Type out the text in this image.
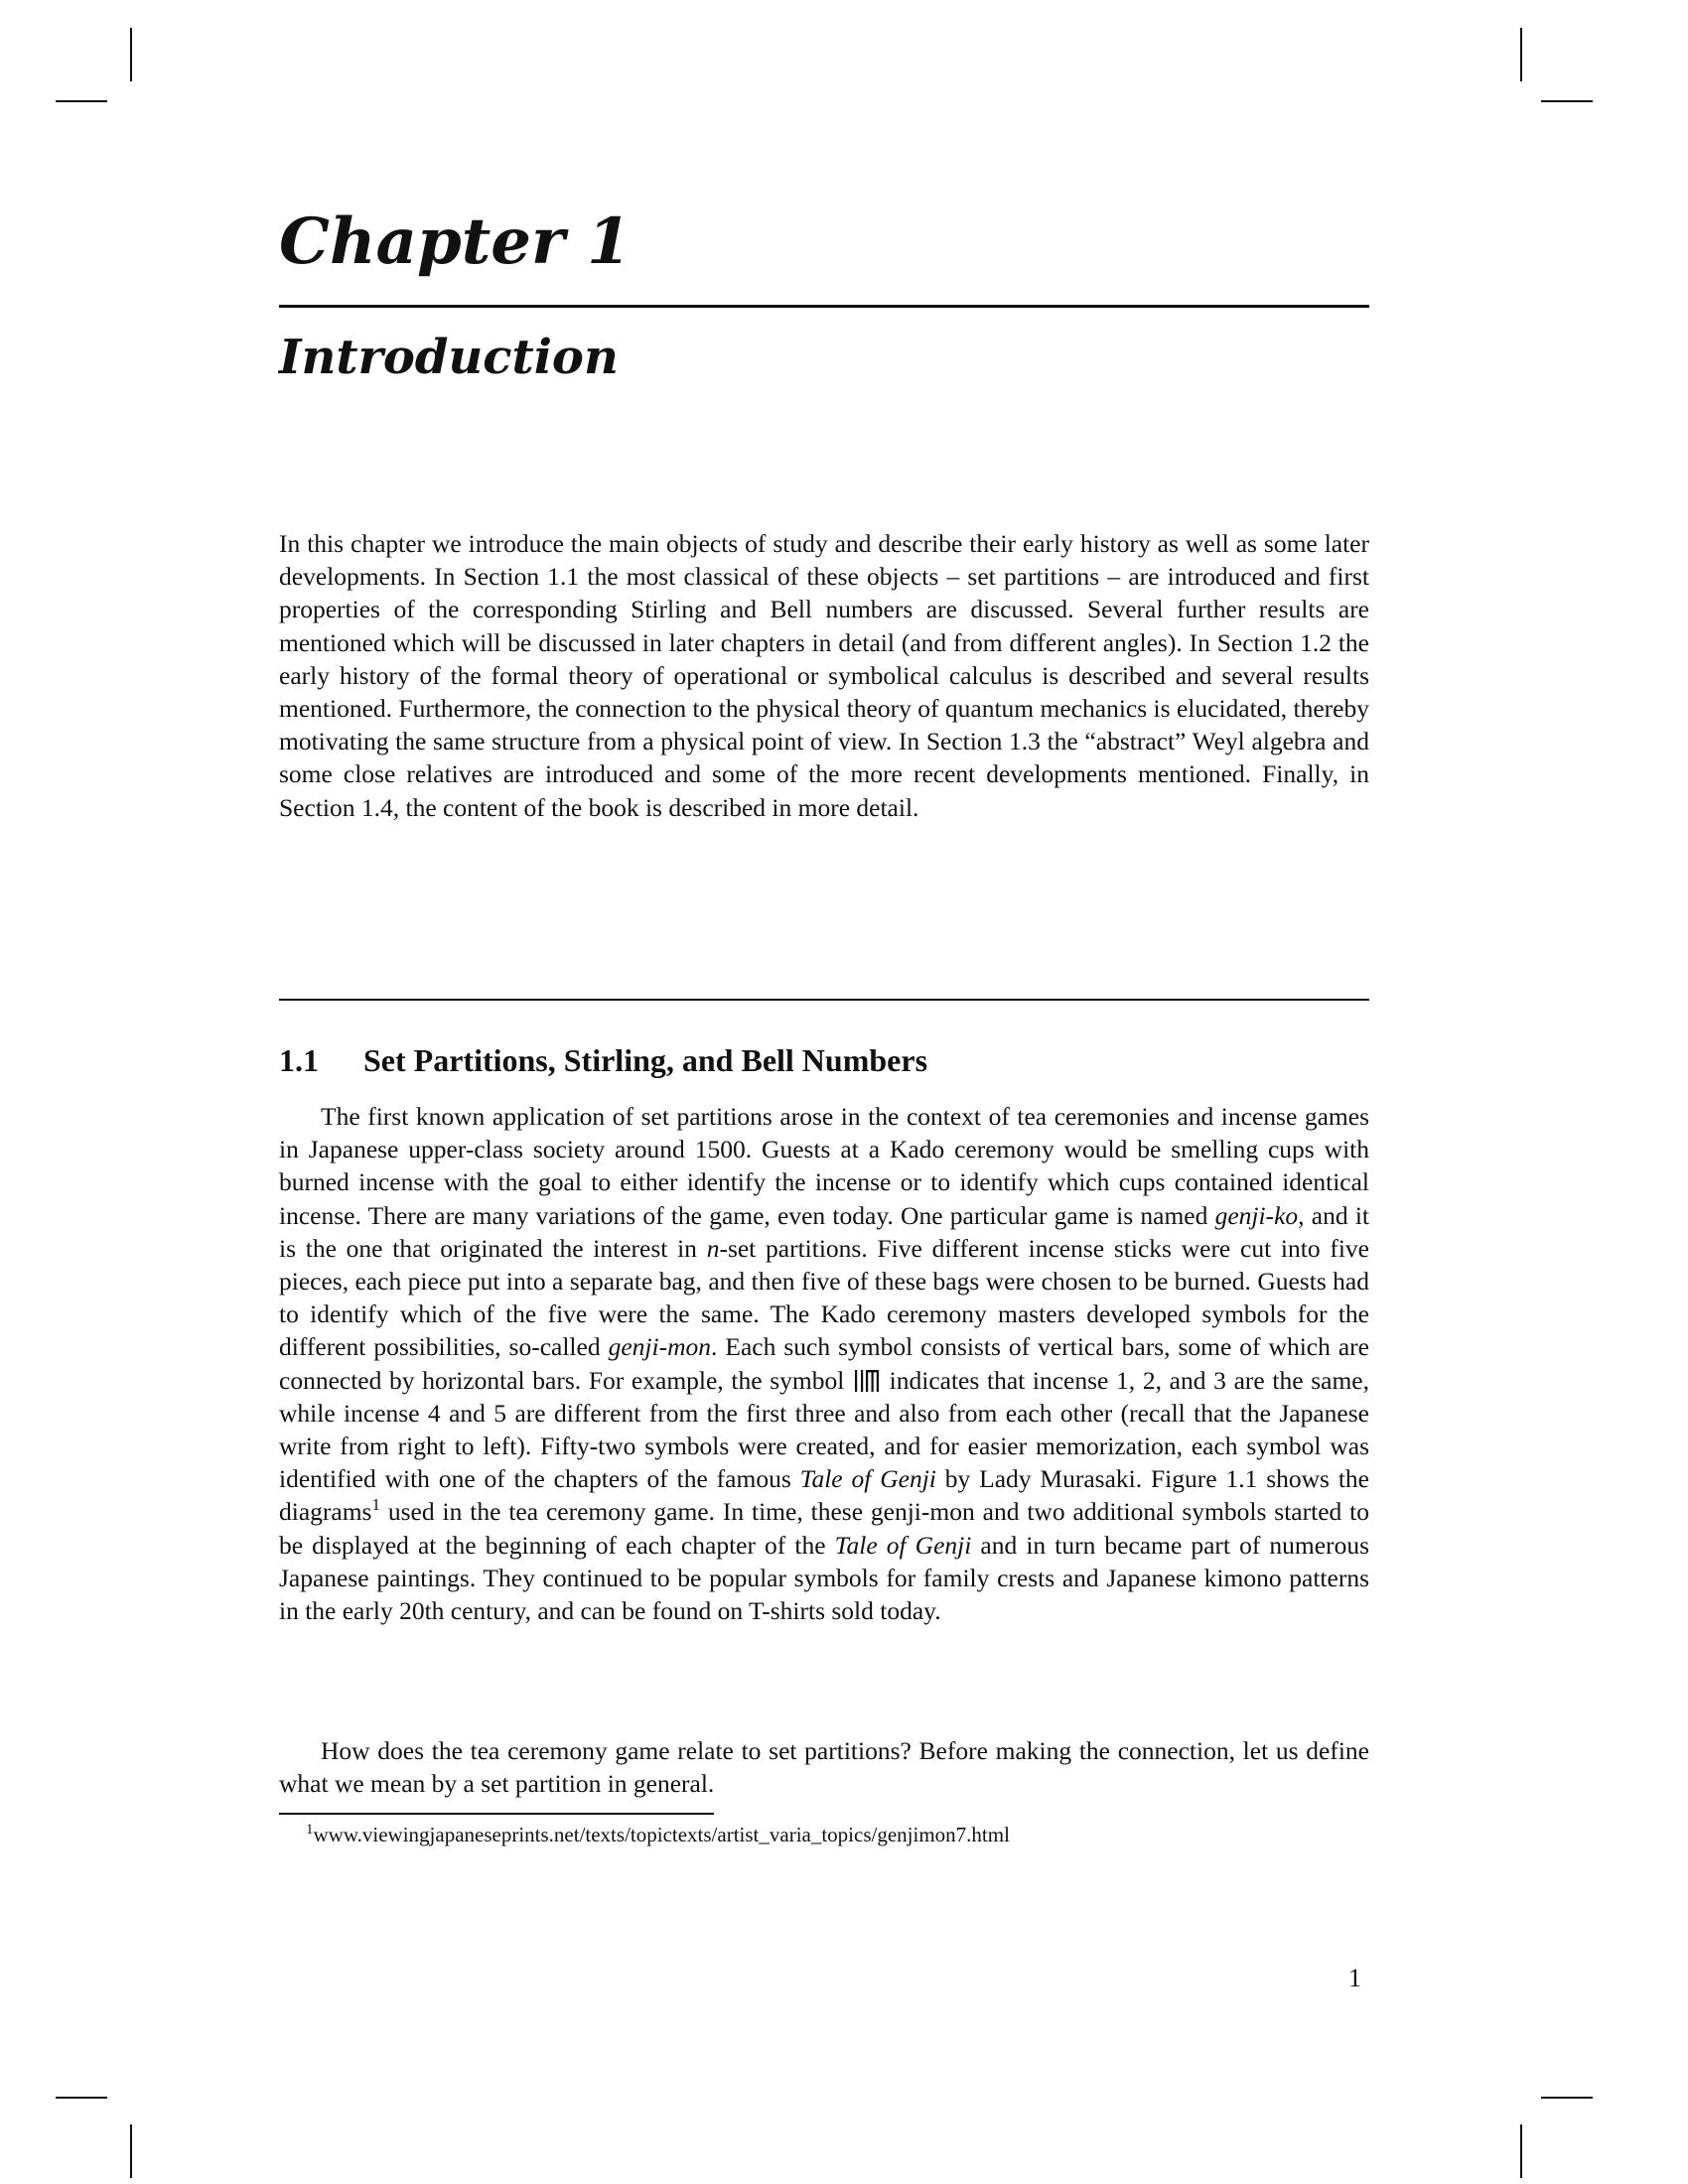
Chapter 1
Introduction
In this chapter we introduce the main objects of study and describe their early history as well as some later developments. In Section 1.1 the most classical of these objects – set partitions – are introduced and first properties of the corresponding Stirling and Bell numbers are discussed. Several further results are mentioned which will be discussed in later chapters in detail (and from different angles). In Section 1.2 the early history of the formal theory of operational or symbolical calculus is described and several results mentioned. Furthermore, the connection to the physical theory of quantum mechanics is elucidated, thereby motivating the same structure from a physical point of view. In Section 1.3 the “abstract” Weyl algebra and some close relatives are introduced and some of the more recent developments mentioned. Finally, in Section 1.4, the content of the book is described in more detail.
1.1 Set Partitions, Stirling, and Bell Numbers
The first known application of set partitions arose in the context of tea ceremonies and incense games in Japanese upper-class society around 1500. Guests at a Kado ceremony would be smelling cups with burned incense with the goal to either identify the incense or to identify which cups contained identical incense. There are many variations of the game, even today. One particular game is named genji-ko, and it is the one that originated the interest in n-set partitions. Five different incense sticks were cut into five pieces, each piece put into a separate bag, and then five of these bags were chosen to be burned. Guests had to identify which of the five were the same. The Kado ceremony masters developed symbols for the different possibilities, so-called genji-mon. Each such symbol consists of vertical bars, some of which are connected by horizontal bars. For example, the symbol indicates that incense 1, 2, and 3 are the same, while incense 4 and 5 are different from the first three and also from each other (recall that the Japanese write from right to left). Fifty-two symbols were created, and for easier memorization, each symbol was identified with one of the chapters of the famous Tale of Genji by Lady Murasaki. Figure 1.1 shows the diagrams$^1$ used in the tea ceremony game. In time, these genji-mon and two additional symbols started to be displayed at the beginning of each chapter of the Tale of Genji and in turn became part of numerous Japanese paintings. They continued to be popular symbols for family crests and Japanese kimono patterns in the early 20th century, and can be found on T-shirts sold today.
How does the tea ceremony game relate to set partitions? Before making the connection, let us define what we mean by a set partition in general.
$^1$www.viewingjapaneseprints.net/texts/topictexts/artist_varia_topics/genjimon7.html
1
